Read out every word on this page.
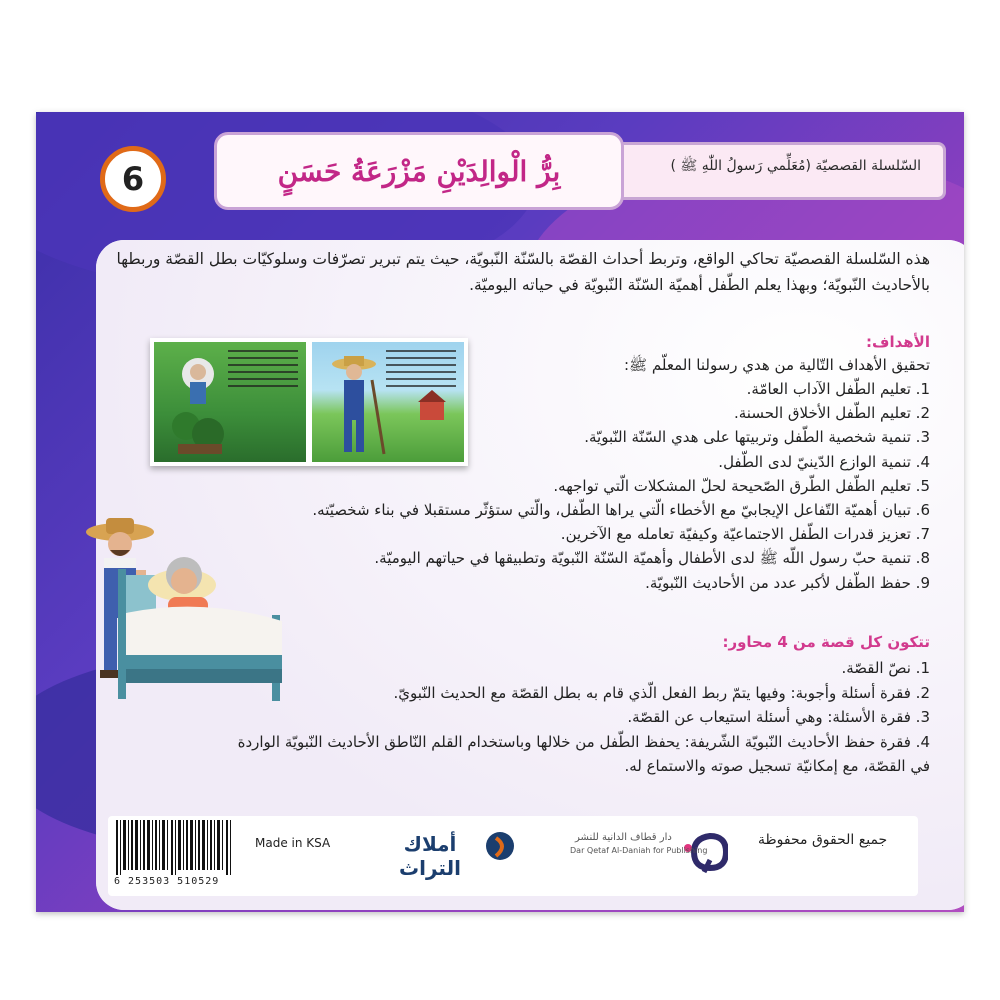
السّلسلة القصصيّة (مُعَلِّمي رَسولُ اللّٰهِ ﷺ )
بِرُّ الْوالِدَيْنِ مَزْرَعَةُ حَسَنٍ
6

هذه السّلسلة القصصيّة تحاكي الواقع، وتربط أحداث القصّة بالسّنّة النّبويّة، حيث يتم تبرير تصرّفات وسلوكيّات بطل القصّة وربطها بالأحاديث النّبويّة؛ وبهذا يعلم الطّفل أهميّة السّنّة النّبويّة في حياته اليوميّة.

الأهداف:

تحقيق الأهداف التّالية من هدي رسولنا المعلّم ﷺ:

1. تعليم الطّفل الآداب العامّة.
2. تعليم الطّفل الأخلاق الحسنة.
3. تنمية شخصية الطّفل وتربيتها على هدي السّنّة النّبويّة.
4. تنمية الوازع الدّينيّ لدى الطّفل.
5. تعليم الطّفل الطّرق الصّحيحة لحلّ المشكلات الّتي تواجهه.
6. تبيان أهميّة التّفاعل الإيجابيّ مع الأخطاء الّتي يراها الطّفل، والّتي ستؤثّر مستقبلا في بناء شخصيّته.
7. تعزيز قدرات الطّفل الاجتماعيّة وكيفيّة تعامله مع الآخرين.
8. تنمية حبّ رسول اللّه ﷺ لدى الأطفال وأهميّة السّنّة النّبويّة وتطبيقها في حياتهم اليوميّة.
9. حفظ الطّفل لأكبر عدد من الأحاديث النّبويّة.

تتكون كل قصة من 4 محاور:

1. نصّ القصّة.
2. فقرة أسئلة وأجوبة: وفيها يتمّ ربط الفعل الّذي قام به بطل القصّة مع الحديث النّبويّ.
3. فقرة الأسئلة: وهي أسئلة استيعاب عن القصّة.
4. فقرة حفظ الأحاديث النّبويّة الشّريفة: يحفظ الطّفل من خلالها وباستخدام القلم النّاطق الأحاديث النّبويّة الواردة في القصّة، مع إمكانيّة تسجيل صوته والاستماع له.
جميع الحقوق محفوظة
دار قطاف الدانية للنشر
Dar Qetaf Al-Daniah for Publishing
أملاك التراث
Made in KSA
6 253503 510529
